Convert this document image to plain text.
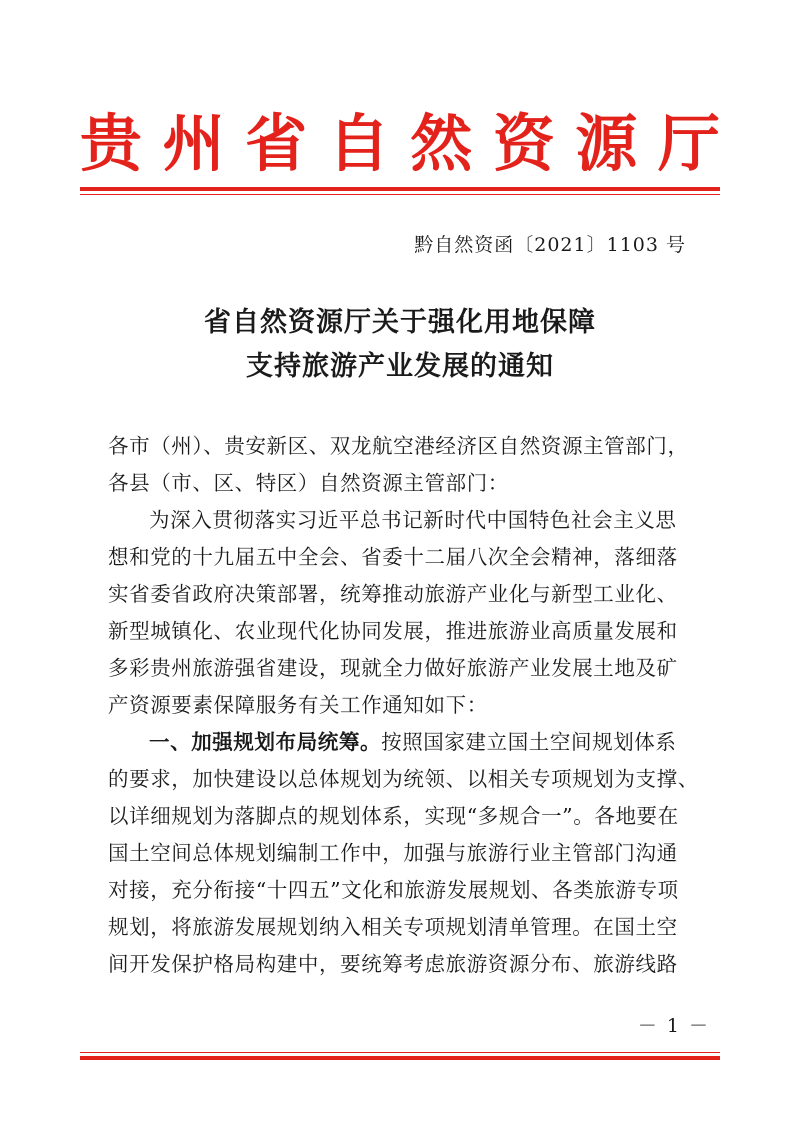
贵 州 省 自 然 资 源 厅
黔自然资函〔2021〕1103 号
省自然资源厅关于强化用地保障
支持旅游产业发展的通知
各市（州）、贵安新区、双龙航空港经济区自然资源主管部门，
各县（市、区、特区）自然资源主管部门：
为深入贯彻落实习近平总书记新时代中国特色社会主义思
想和党的十九届五中全会、省委十二届八次全会精神，落细落
实省委省政府决策部署，统筹推动旅游产业化与新型工业化、
新型城镇化、农业现代化协同发展，推进旅游业高质量发展和
多彩贵州旅游强省建设，现就全力做好旅游产业发展土地及矿
产资源要素保障服务有关工作通知如下：
一、加强规划布局统筹。按照国家建立国土空间规划体系
的要求，加快建设以总体规划为统领、以相关专项规划为支撑、
以详细规划为落脚点的规划体系，实现“多规合一”。各地要在
国土空间总体规划编制工作中，加强与旅游行业主管部门沟通
对接，充分衔接“十四五”文化和旅游发展规划、各类旅游专项
规划，将旅游发展规划纳入相关专项规划清单管理。在国土空
间开发保护格局构建中，要统筹考虑旅游资源分布、旅游线路
－ 1 －
